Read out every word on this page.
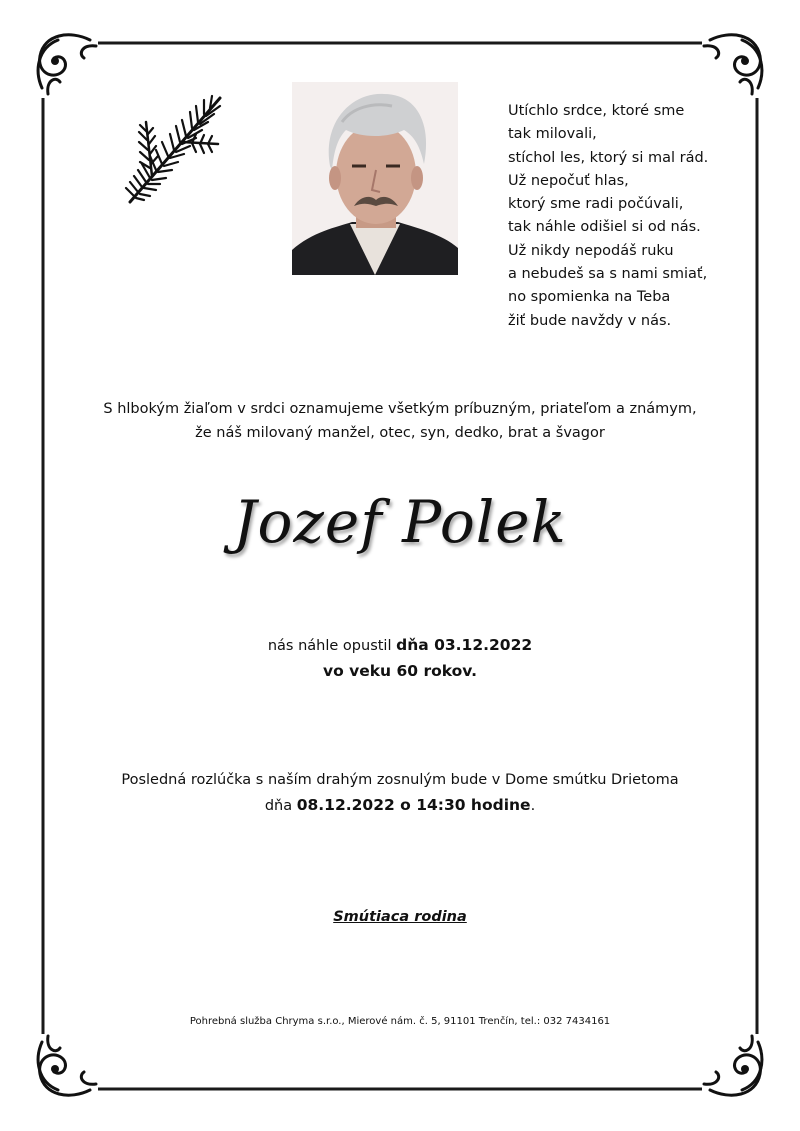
Utíchlo srdce, ktoré sme
tak milovali,
stíchol les, ktorý si mal rád.
Už nepočuť hlas,
ktorý sme radi počúvali,
tak náhle odišiel si od nás.
Už nikdy nepodáš ruku
a nebudeš sa s nami smiať,
no spomienka na Teba
žiť bude navždy v nás.
S hlbokým žiaľom v srdci oznamujeme všetkým príbuzným, priateľom a známym,
že náš milovaný manžel, otec, syn, dedko, brat a švagor
Jozef Polek
nás náhle opustil dňa 03.12.2022
vo veku 60 rokov.
Posledná rozlúčka s naším drahým zosnulým bude v Dome smútku Drietoma
dňa 08.12.2022 o 14:30 hodine.
Smútiaca rodina
Pohrebná služba Chryma s.r.o., Mierové nám. č. 5, 91101 Trenčín, tel.: 032 7434161
